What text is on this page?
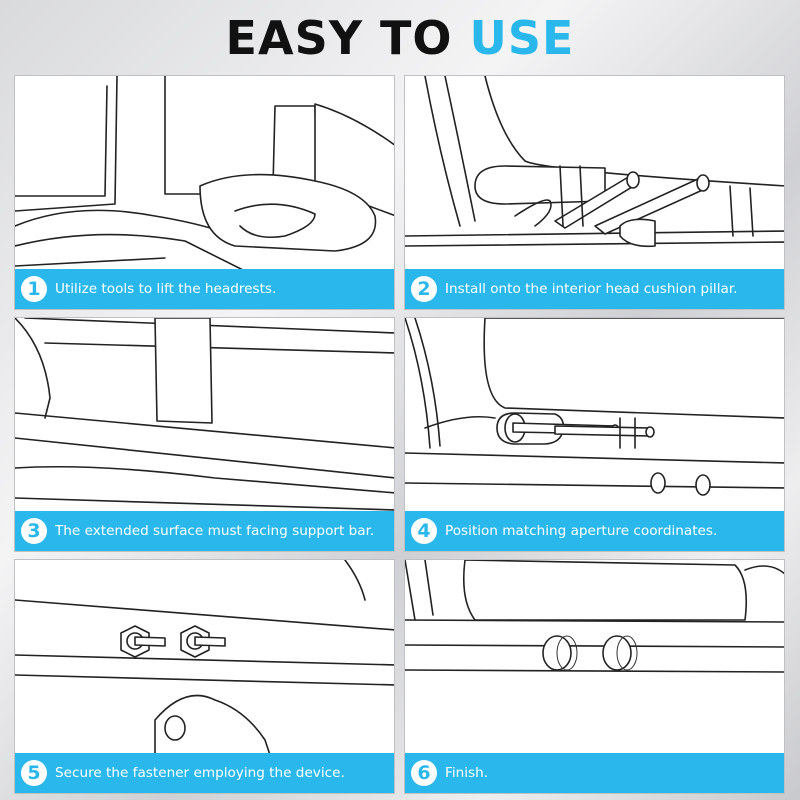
EASY TO USE
1	Utilize tools to lift the headrests.	2	Install onto the interior head cushion pillar.
3	The extended surface must facing support bar.	4	Position matching aperture coordinates.
5	Secure the fastener employing the device.	6	Finish.
